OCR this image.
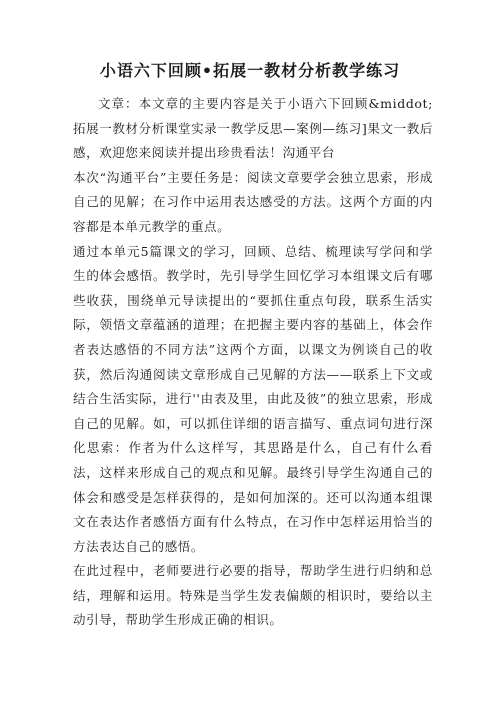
小语六下回顾•拓展一教材分析教学练习

文章：本文章的主要内容是关于小语六下回顾&middot;拓展一教材分析课堂实录一教学反思—案例—练习]果文一教后感，欢迎您来阅读并提出珍贵看法！沟通平台

本次“沟通平台”主要任务是：阅读文章要学会独立思索，形成自己的见解；在习作中运用表达感受的方法。这两个方面的内容都是本单元教学的重点。

通过本单元5篇课文的学习，回顾、总结、梳理读写学问和学生的体会感悟。教学时，先引导学生回忆学习本组课文后有哪些收获，围绕单元导读提出的“要抓住重点句段，联系生活实际，领悟文章蕴涵的道理；在把握主要内容的基础上，体会作者表达感悟的不同方法”这两个方面，以课文为例谈自己的收获，然后沟通阅读文章形成自己见解的方法——联系上下文或结合生活实际，进行''由表及里，由此及彼”的独立思索，形成自己的见解。如，可以抓住详细的语言描写、重点词句进行深化思索：作者为什么这样写，其思路是什么，自己有什么看法，这样来形成自己的观点和见解。最终引导学生沟通自己的体会和感受是怎样获得的，是如何加深的。还可以沟通本组课文在表达作者感悟方面有什么特点，在习作中怎样运用恰当的方法表达自己的感悟。

在此过程中，老师要进行必要的指导，帮助学生进行归纳和总结，理解和运用。特殊是当学生发表偏颇的相识时，要给以主动引导，帮助学生形成正确的相识。
